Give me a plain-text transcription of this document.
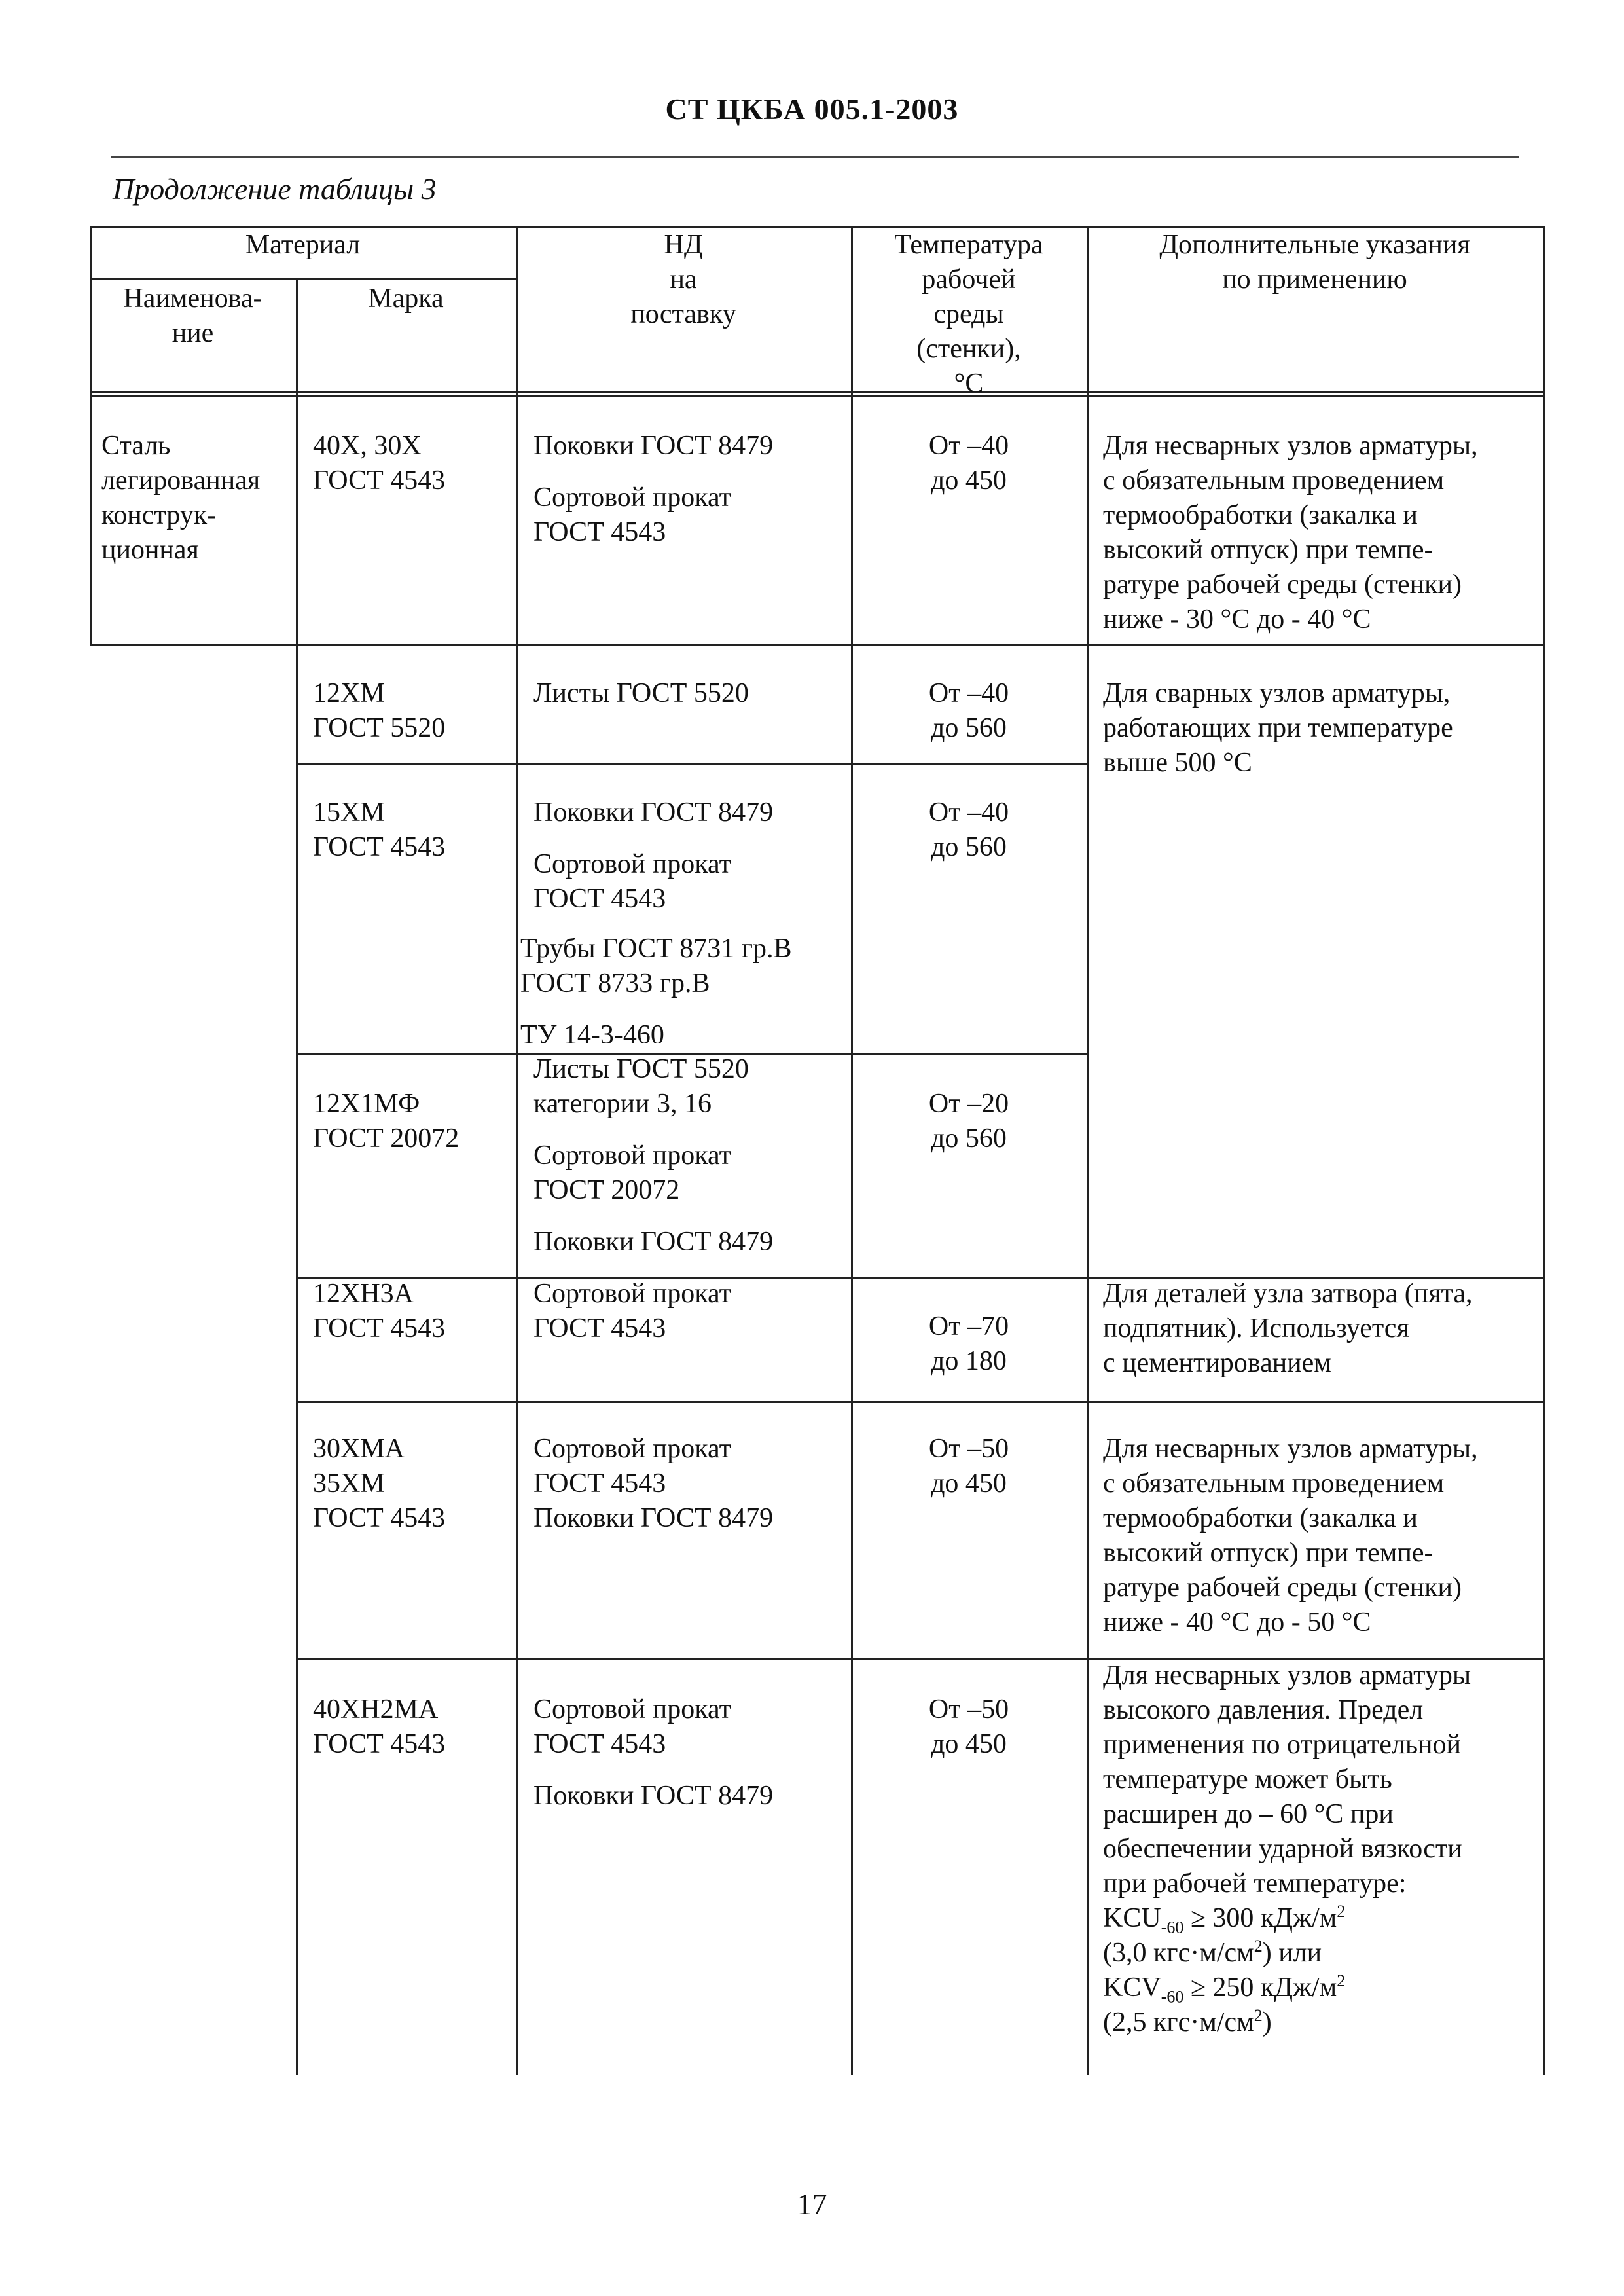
СТ ЦКБА 005.1-2003
Продолжение таблицы 3
Материал
Наименова-
ние
Марка
НД
на
поставку
Температура
рабочей
среды
(стенки),
°С
Дополнительные указания
по применению
Сталь
легированная
конструк-
ционная
40Х, 30Х
ГОСТ 4543
Поковки ГОСТ 8479
Сортовой прокат
ГОСТ 4543
От –40
до 450
Для несварных узлов арматуры,
с обязательным проведением
термообработки (закалка и
высокий отпуск) при темпе-
ратуре рабочей среды (стенки)
ниже - 30 °С до - 40 °С
12ХМ
ГОСТ 5520
Листы ГОСТ 5520	От –40
до 560
Для сварных узлов арматуры,
работающих при температуре
выше 500 °С
15ХМ
ГОСТ 4543
Поковки ГОСТ 8479
Сортовой прокат
ГОСТ 4543
Трубы ГОСТ 8731 гр.В
ГОСТ 8733 гр.В
ТУ 14-3-460
От –40
до 560
12Х1МФ
ГОСТ 20072
Листы ГОСТ 5520
категории 3, 16
Сортовой прокат
ГОСТ 20072
Поковки ГОСТ 8479
От –20
до 560
12ХН3А
ГОСТ 4543
Сортовой прокат
ГОСТ 4543	От –70
до 180
Для деталей узла затвора (пята,
подпятник). Используется
с цементированием
30ХМА
35ХМ
ГОСТ 4543
Сортовой прокат
ГОСТ 4543
Поковки ГОСТ 8479
От –50
до 450
Для несварных узлов арматуры,
с обязательным проведением
термообработки (закалка и
высокий отпуск) при темпе-
ратуре рабочей среды (стенки)
ниже - 40 °С до - 50 °С
40ХН2МА
ГОСТ 4543
Сортовой прокат
ГОСТ 4543
Поковки ГОСТ 8479
От –50
до 450
Для несварных узлов арматуры
высокого давления. Предел
применения по отрицательной
температуре может быть
расширен до – 60 °С при
обеспечении ударной вязкости
при рабочей температуре:
$KCU_{-60} \ge 300$ кДж/$м^2$
(3,0 $кгс\cdot м/см^2$) или
$KCV_{-60} \ge 250$ кДж/$м^2$
(2,5 $кгс\cdot м/см^2$)
17
